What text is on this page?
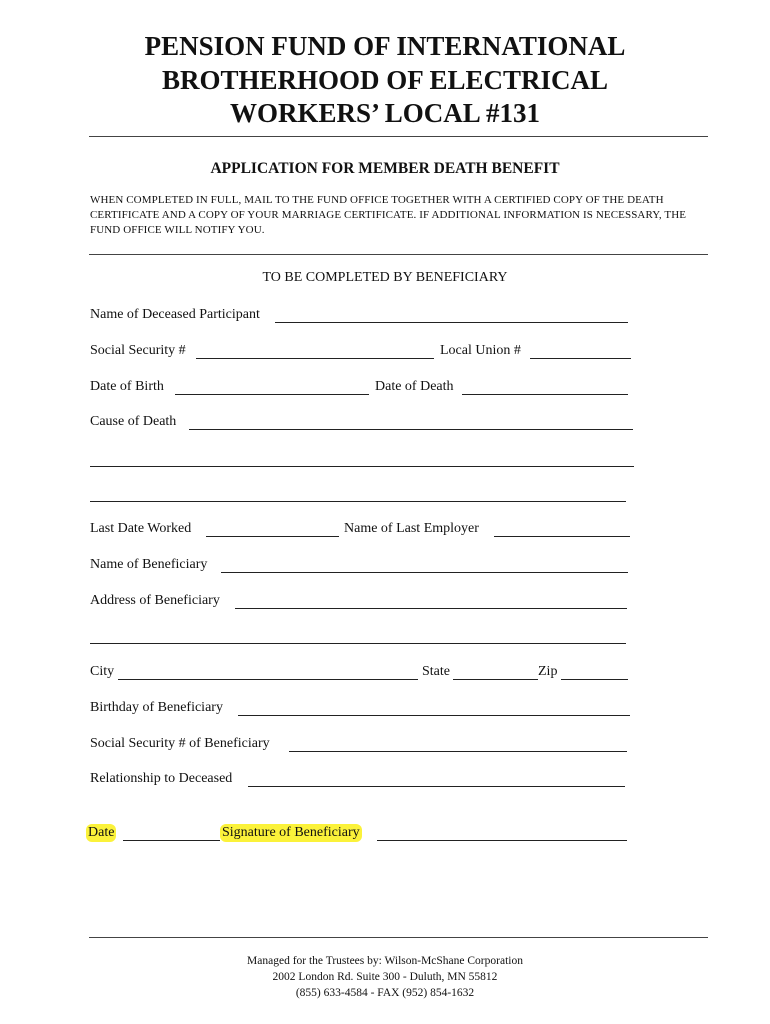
PENSION FUND OF INTERNATIONAL
BROTHERHOOD OF ELECTRICAL
WORKERS’ LOCAL #131
APPLICATION FOR MEMBER DEATH BENEFIT
WHEN COMPLETED IN FULL, MAIL TO THE FUND OFFICE TOGETHER WITH A CERTIFIED COPY OF THE DEATH CERTIFICATE AND A COPY OF YOUR MARRIAGE CERTIFICATE. IF ADDITIONAL INFORMATION IS NECESSARY, THE FUND OFFICE WILL NOTIFY YOU.
TO BE COMPLETED BY BENEFICIARY
Name of Deceased Participant
Social Security #	Local Union #
Date of Birth	Date of Death
Cause of Death
Last Date Worked	Name of Last Employer
Name of Beneficiary
Address of Beneficiary
City	State	Zip
Birthday of Beneficiary
Social Security # of Beneficiary
Relationship to Deceased
Date	Signature of Beneficiary
Managed for the Trustees by: Wilson-McShane Corporation
2002 London Rd. Suite 300 - Duluth, MN 55812
(855) 633-4584 - FAX (952) 854-1632
